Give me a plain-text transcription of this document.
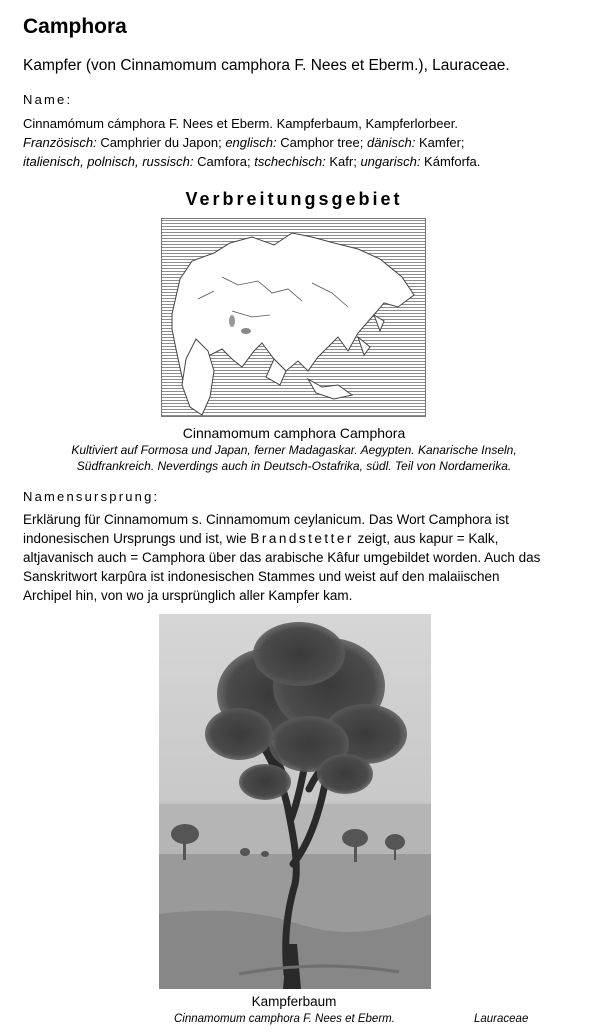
Camphora
Kampfer (von Cinnamomum camphora F. Nees et Eberm.), Lauraceae.
Name:
Cinnamómum cámphora F. Nees et Eberm. Kampferbaum, Kampferlorbeer.
Französisch: Camphrier du Japon; englisch: Camphor tree; dänisch: Kamfer;
italienisch, polnisch, russisch: Camfora; tschechisch: Kafr; ungarisch: Kámforfa.
Verbreitungsgebiet
Cinnamomum camphora Camphora
Kultiviert auf Formosa und Japan, ferner Madagaskar. Aegypten. Kanarische Inseln,
Südfrankreich. Neverdings auch in Deutsch-Ostafrika, südl. Teil von Nordamerika.
Namensursprung:
Erklärung für Cinnamomum s. Cinnamomum ceylanicum. Das Wort Camphora ist
indonesischen Ursprungs und ist, wie Brandstetter zeigt, aus kapur = Kalk,
altjavanisch auch = Camphora über das arabische Kâfur umgebildet worden. Auch das
Sanskritwort karpûra ist indonesischen Stammes und weist auf den malaiischen
Archipel hin, von wo ja ursprünglich aller Kampfer kam.
Kampferbaum
Cinnamomum camphora F. Nees et Eberm.	Lauraceae
